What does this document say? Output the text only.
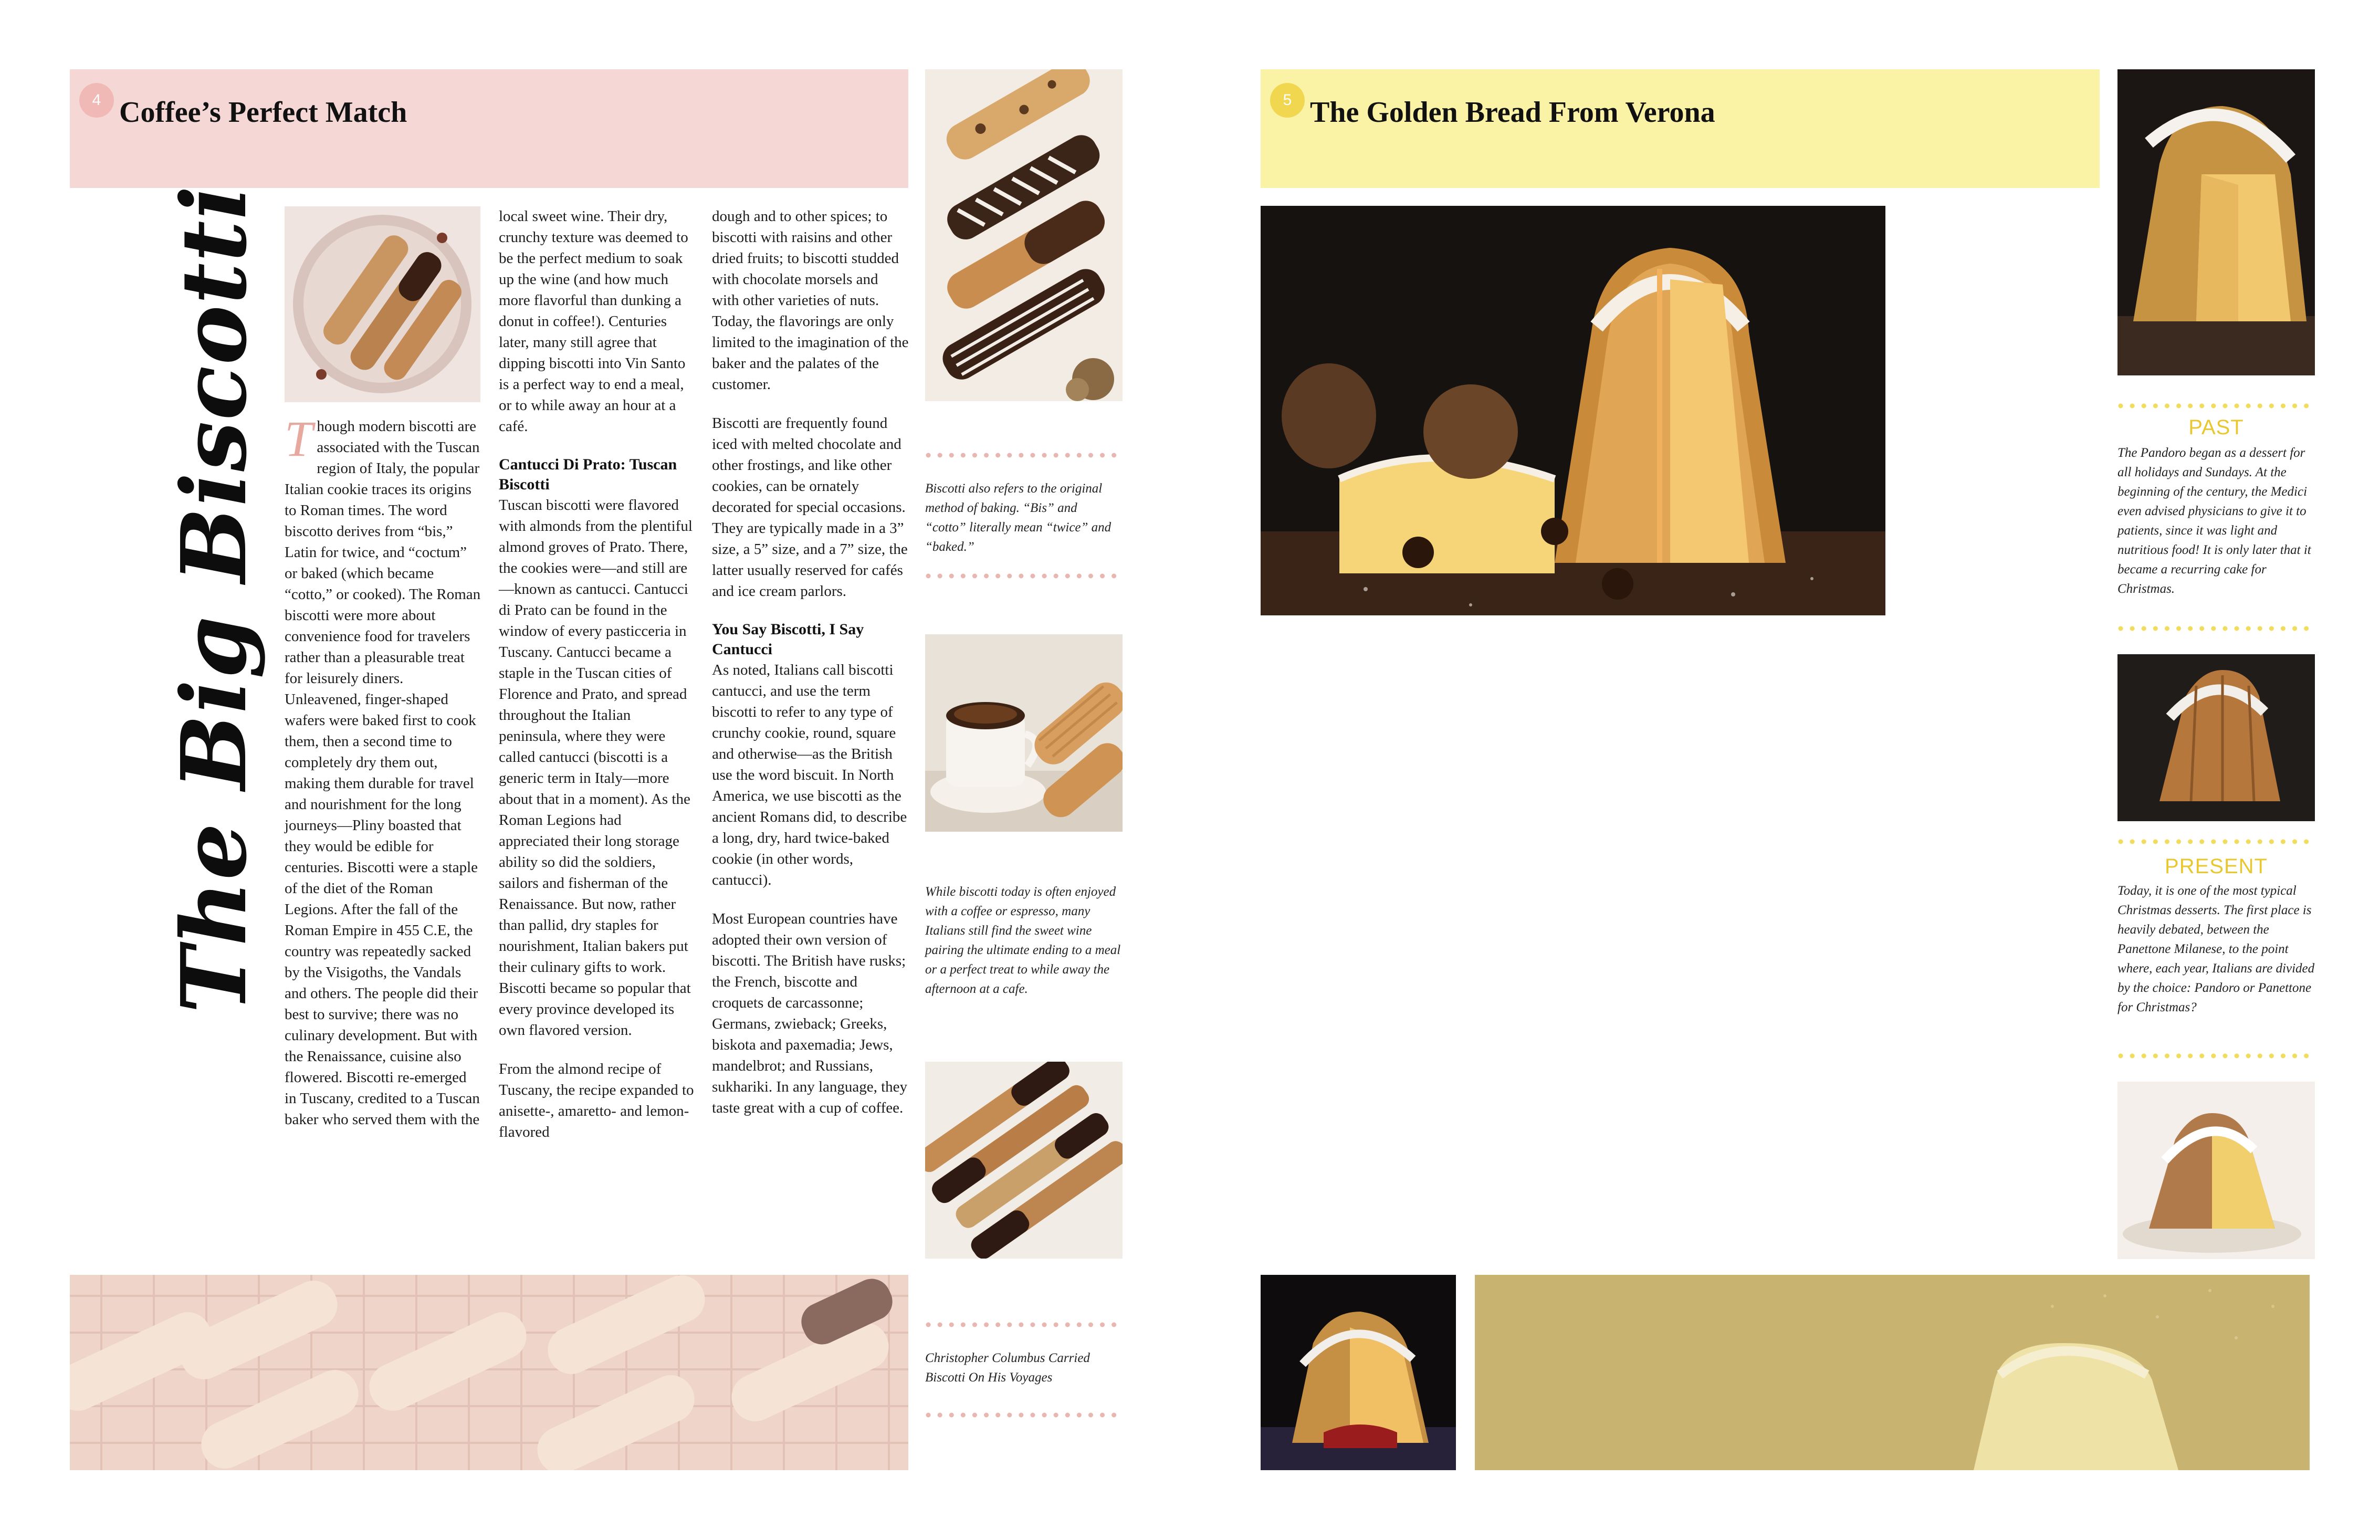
4 Coffee’s Perfect Match
The Big Biscotti Though modern biscotti are associated with the Tuscan region of Italy, the popular Italian cookie traces its origins to Roman times. The word biscotto derives from “bis,” Latin for twice, and “coctum” or baked (which became “cotto,” or cooked). The Roman biscotti were more about convenience food for travelers rather than a pleasurable treat for leisurely diners. Unleavened, finger-shaped wafers were baked first to cook them, then a second time to completely dry them out, making them durable for travel and nourishment for the long journeys—Pliny boasted that they would be edible for centuries. Biscotti were a staple of the diet of the Roman Legions. After the fall of the Roman Empire in 455 C.E, the country was repeatedly sacked by the Visigoths, the Vandals and others. The people did their best to survive; there was no culinary development. But with the Renaissance, cuisine also flowered. Biscotti re-emerged in Tuscany, credited to a Tuscan baker who served them with the

local sweet wine. Their dry, crunchy texture was deemed to be the perfect medium to soak up the wine (and how much more flavorful than dunking a donut in coffee!). Centuries later, many still agree that dipping biscotti into Vin Santo is a perfect way to end a meal, or to while away an hour at a café.

Cantucci Di Prato: Tuscan Biscotti

Tuscan biscotti were flavored with almonds from the plentiful almond groves of Prato. There, the cookies were—and still are—known as cantucci. Cantucci di Prato can be found in the window of every pasticceria in Tuscany. Cantucci became a staple in the Tuscan cities of Florence and Prato, and spread throughout the Italian peninsula, where they were called cantucci (biscotti is a generic term in Italy—more about that in a moment). As the Roman Legions had appreciated their long storage ability so did the soldiers, sailors and fisherman of the Renaissance. But now, rather than pallid, dry staples for nourishment, Italian bakers put their culinary gifts to work. Biscotti became so popular that every province developed its own flavored version.

From the almond recipe of Tuscany, the recipe expanded to anisette-, amaretto- and lemon-flavored

dough and to other spices; to biscotti with raisins and other dried fruits; to biscotti studded with chocolate morsels and with other varieties of nuts. Today, the flavorings are only limited to the imagination of the baker and the palates of the customer.

Biscotti are frequently found iced with melted chocolate and other frostings, and like other cookies, can be ornately decorated for special occasions. They are typically made in a 3” size, a 5” size, and a 7” size, the latter usually reserved for cafés and ice cream parlors.

You Say Biscotti, I Say Cantucci

As noted, Italians call biscotti cantucci, and use the term biscotti to refer to any type of crunchy cookie, round, square and otherwise—as the British use the word biscuit. In North America, we use biscotti as the ancient Romans did, to describe a long, dry, hard twice-baked cookie (in other words, cantucci).

Most European countries have adopted their own version of biscotti. The British have rusks; the French, biscotte and croquets de carcassonne; Germans, zwieback; Greeks, biskota and paxemadia; Jews, mandelbrot; and Russians, sukhariki. In any language, they taste great with a cup of coffee.

Biscotti also refers to the original method of baking. “Bis” and “cotto” literally mean “twice” and “baked.”
While biscotti today is often enjoyed with a coffee or espresso, many Italians still find the sweet wine pairing the ultimate ending to a meal or a perfect treat to while away the afternoon at a cafe.
Christopher Columbus Carried Biscotti On His Voyages
5 The Golden Bread From Verona
PAST
The Pandoro began as a dessert for all holidays and Sundays. At the beginning of the century, the Medici even advised physicians to give it to patients, since it was light and nutritious food! It is only later that it became a recurring cake for Christmas.
PRESENT
Today, it is one of the most typical Christmas desserts. The first place is heavily debated, between the Panettone Milanese, to the point where, each year, Italians are divided by the choice: Pandoro or Panettone for Christmas?
